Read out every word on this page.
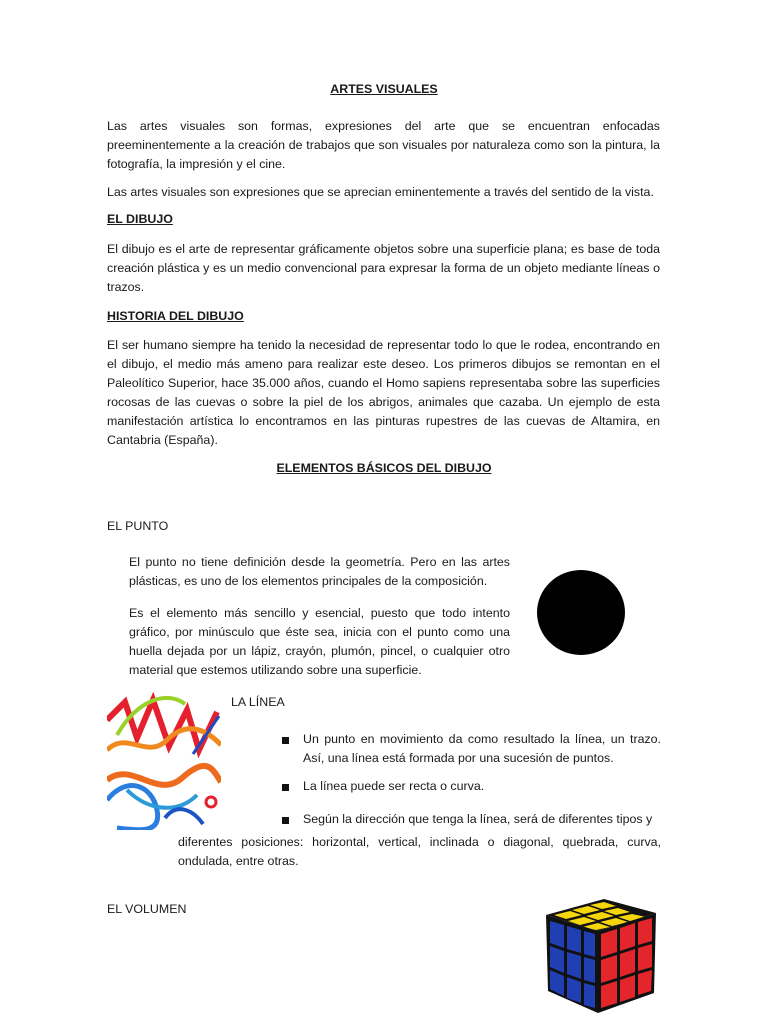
ARTES VISUALES

Las artes visuales son formas, expresiones del arte que se encuentran enfocadas preeminentemente a la creación de trabajos que son visuales por naturaleza como son la pintura, la fotografía, la impresión y el cine.

Las artes visuales son expresiones que se aprecian eminentemente a través del sentido de la vista.

EL DIBUJO

El dibujo es el arte de representar gráficamente objetos sobre una superficie plana; es base de toda creación plástica y es un medio convencional para expresar la forma de un objeto mediante líneas o trazos.

HISTORIA DEL DIBUJO

El ser humano siempre ha tenido la necesidad de representar todo lo que le rodea, encontrando en el dibujo, el medio más ameno para realizar este deseo. Los primeros dibujos se remontan en el Paleolítico Superior, hace 35.000 años, cuando el Homo sapiens representaba sobre las superficies rocosas de las cuevas o sobre la piel de los abrigos, animales que cazaba. Un ejemplo de esta manifestación artística lo encontramos en las pinturas rupestres de las cuevas de Altamira, en Cantabria (España).

ELEMENTOS BÁSICOS DEL DIBUJO
EL PUNTO

El punto no tiene definición desde la geometría. Pero en las artes plásticas, es uno de los elementos principales de la composición.

Es el elemento más sencillo y esencial, puesto que todo intento gráfico, por minúsculo que éste sea, inicia con el punto como una huella dejada por un lápiz, crayón, plumón, pincel, o cualquier otro material que estemos utilizando sobre una superficie.

LA LÍNEA

Un punto en movimiento da como resultado la línea, un trazo. Así, una línea está formada por una sucesión de puntos.

La línea puede ser recta o curva.

Según la dirección que tenga la línea, será de diferentes tipos y

diferentes posiciones: horizontal, vertical, inclinada o diagonal, quebrada, curva, ondulada, entre otras.

EL VOLUMEN
